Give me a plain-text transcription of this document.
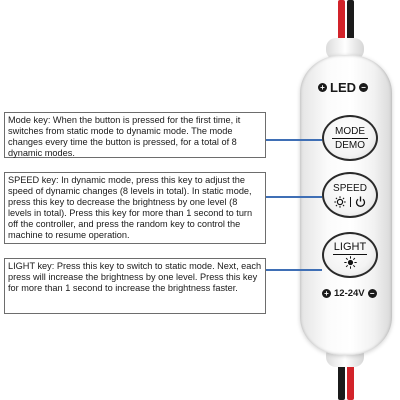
+ LED −
MODE
DEMO
SPEED
LIGHT
+ 12-24V −
Mode key: When the button is pressed for the first time, it switches from static mode to dynamic mode. The mode changes every time the button is pressed, for a total of 8 dynamic modes.
SPEED key: In dynamic mode, press this key to adjust the speed of dynamic changes (8 levels in total). In static mode, press this key to decrease the brightness by one level (8 levels in total). Press this key for more than 1 second to turn off the controller, and press the random key to control the machine to resume operation.
LIGHT key: Press this key to switch to static mode. Next, each press will increase the brightness by one level. Press this key for more than 1 second to increase the brightness faster.
